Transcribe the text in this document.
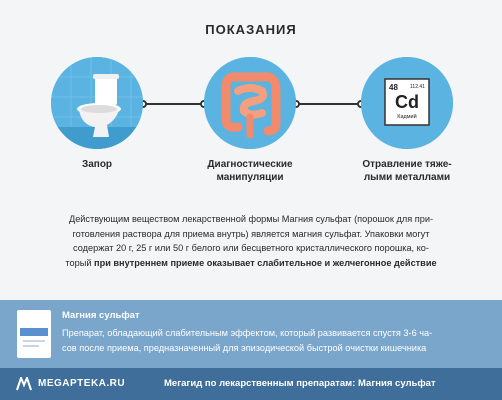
ПОКАЗАНИЯ
48 112.41
Cd
Кадмий
Запор	Диагностические
манипуляции
Отравление тяже-
лыми металлами
Действующим веществом лекарственной формы Магния сульфат (порошок для при-
готовления раствора для приема внутрь) является магния сульфат. Упаковки могут
содержат 20 г, 25 г или 50 г белого или бесцветного кристаллического порошка, ко-
торый при внутреннем приеме оказывает слабительное и желчегонное действие
Магния сульфат
Препарат, обладающий слабительным эффектом, который развивается спустя 3-6 ча-
сов после приема, предназначенный для эпизодической быстрой очистки кишечника
MEGAPTEKA.RU	Мегагид по лекарственным препаратам: Магния сульфат
